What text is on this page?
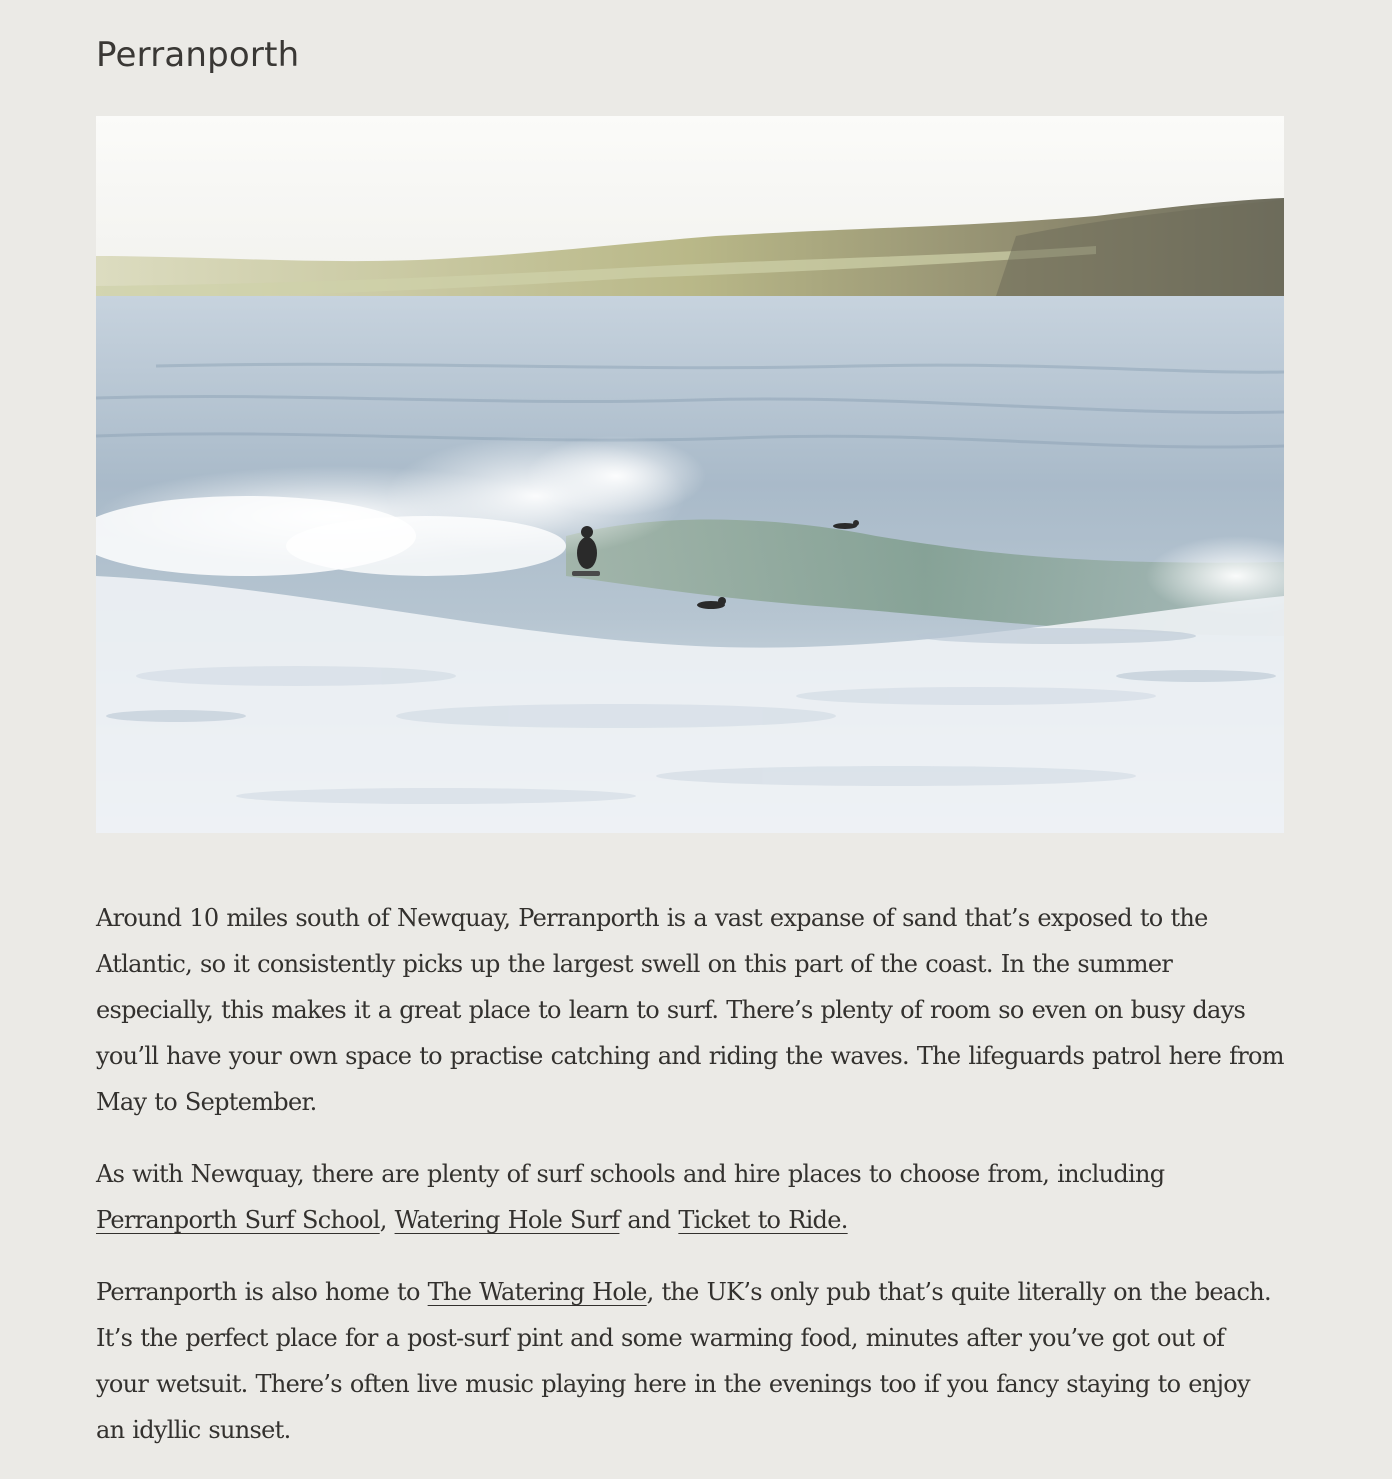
Perranporth

Around 10 miles south of Newquay, Perranporth is a vast expanse of sand that’s exposed to the Atlantic, so it consistently picks up the largest swell on this part of the coast. In the summer especially, this makes it a great place to learn to surf. There’s plenty of room so even on busy days you’ll have your own space to practise catching and riding the waves. The lifeguards patrol here from May to September.

As with Newquay, there are plenty of surf schools and hire places to choose from, including Perranporth Surf School, Watering Hole Surf and Ticket to Ride.

Perranporth is also home to The Watering Hole, the UK’s only pub that’s quite literally on the beach. It’s the perfect place for a post-surf pint and some warming food, minutes after you’ve got out of your wetsuit. There’s often live music playing here in the evenings too if you fancy staying to enjoy an idyllic sunset.
